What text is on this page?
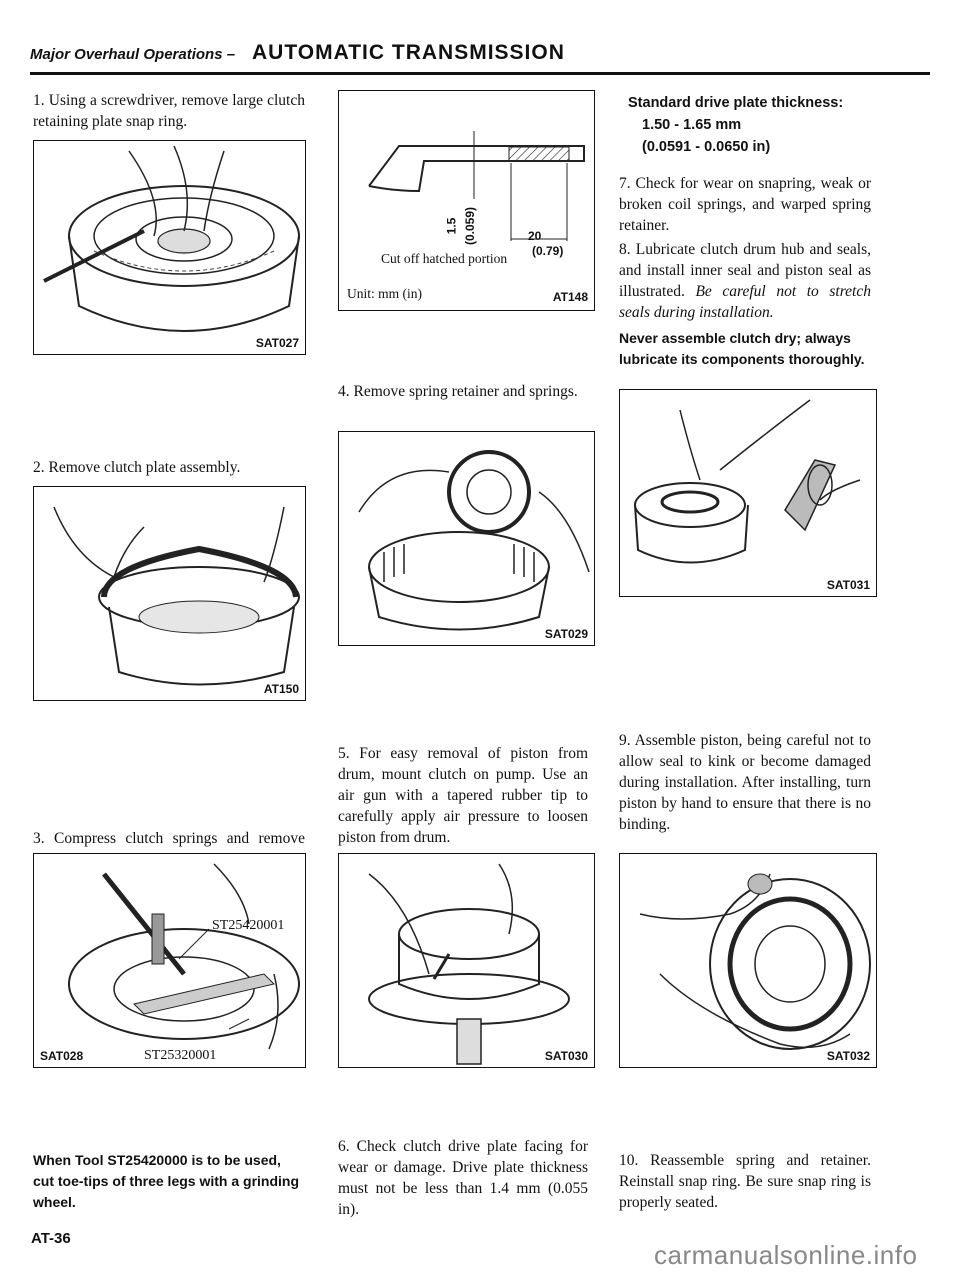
Major Overhaul Operations – AUTOMATIC TRANSMISSION
1. Using a screwdriver, remove large clutch retaining plate snap ring.
SAT027
2. Remove clutch plate assembly.
AT150
3. Compress clutch springs and remove
ST25420001
SAT028	ST25320001
When Tool ST25420000 is to be used, cut toe-tips of three legs with a grinding wheel.
AT-36
1.5 (0.059)	20
(0.79)
Cut off hatched portion
Unit: mm (in)	AT148
4. Remove spring retainer and springs.
SAT029
5. For easy removal of piston from drum, mount clutch on pump. Use an air gun with a tapered rubber tip to carefully apply air pressure to loosen piston from drum.
SAT030
6. Check clutch drive plate facing for wear or damage. Drive plate thickness must not be less than 1.4 mm (0.055 in).
Standard drive plate thickness:
1.50 - 1.65 mm
(0.0591 - 0.0650 in)
7. Check for wear on snapring, weak or broken coil springs, and warped spring retainer.
8. Lubricate clutch drum hub and seals, and install inner seal and piston seal as illustrated. Be careful not to stretch seals during installation.
Never assemble clutch dry; always lubricate its components thoroughly.
SAT031
9. Assemble piston, being careful not to allow seal to kink or become damaged during installation. After installing, turn piston by hand to ensure that there is no binding.
SAT032
10. Reassemble spring and retainer. Reinstall snap ring. Be sure snap ring is properly seated.
carmanualsonline.info
